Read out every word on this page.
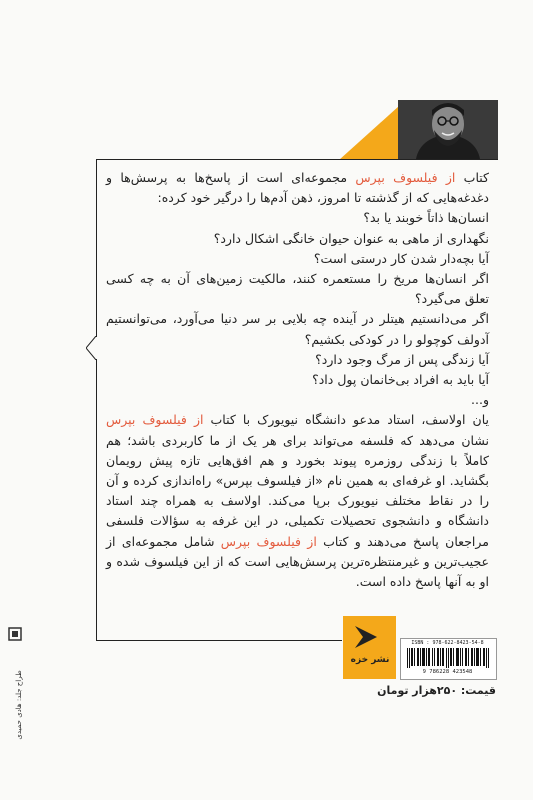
کتاب از فیلسوف بپرس مجموعه‌ای است از پاسخ‌ها به پرسش‌ها و دغدغه‌هایی که از گذشته تا امروز، ذهن آدم‌ها را درگیر خود کرده:

انسان‌ها ذاتاً خوبند یا بد؟
نگهداری از ماهی به عنوان حیوان خانگی اشکال دارد؟
آیا بچه‌دار شدن کار درستی است؟
اگر انسان‌ها مریخ را مستعمره کنند، مالکیت زمین‌های آن به چه کسی تعلق می‌گیرد؟
اگر می‌دانستیم هیتلر در آینده چه بلایی بر سر دنیا می‌آورد، می‌توانستیم آدولف کوچولو را در کودکی بکشیم؟
آیا زندگی پس از مرگ وجود دارد؟
آیا باید به افراد بی‌خانمان پول داد؟
و...

یان اولاسف، استاد مدعو دانشگاه نیویورک با کتاب از فیلسوف بپرس نشان می‌دهد که فلسفه می‌تواند برای هر یک از ما کاربردی باشد؛ هم کاملاً با زندگی روزمره پیوند بخورد و هم افق‌هایی تازه پیش رویمان بگشاید. او غرفه‌ای به همین نام «از فیلسوف بپرس» راه‌اندازی کرده و آن را در نقاط مختلف نیویورک برپا می‌کند. اولاسف به همراه چند استاد دانشگاه و دانشجوی تحصیلات تکمیلی، در این غرفه به سؤالات فلسفی مراجعان پاسخ می‌دهند و کتاب از فیلسوف بپرس شامل مجموعه‌ای از عجیب‌ترین و غیرمنتظره‌ترین پرسش‌هایی است که از این فیلسوف شده و او به آنها پاسخ داده است.

نشر خزه
ISBN : 978-622-8423-54-8
9 786228 423548
قیمت: ۲۵۰هزار تومان
طراح جلد: هادی حمیدی
